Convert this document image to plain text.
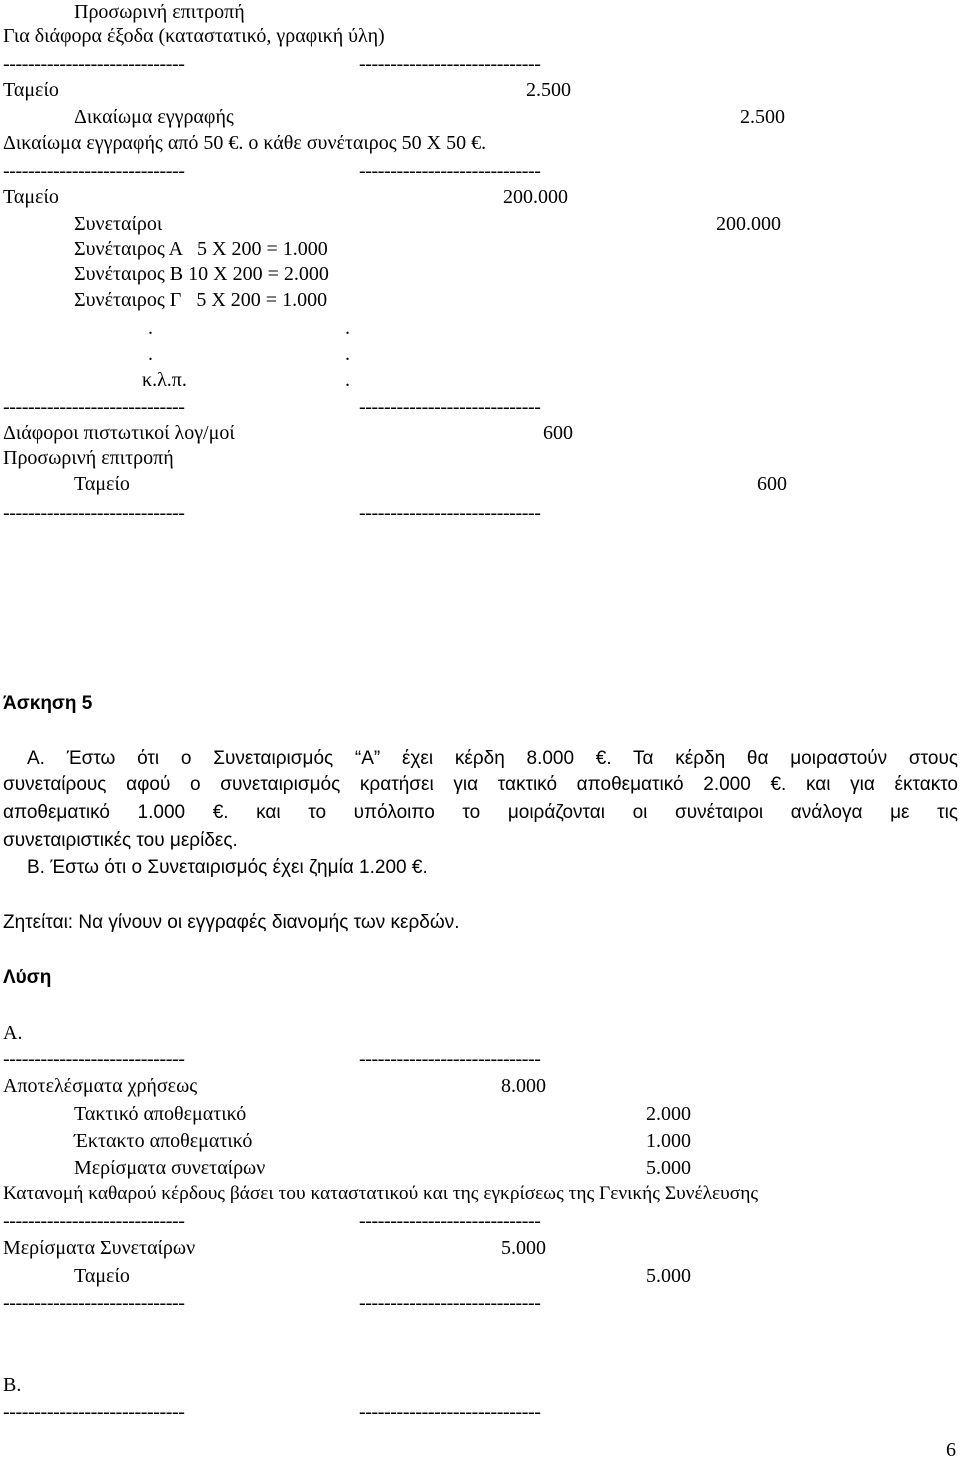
Προσωρινή επιτροπή
Για διάφορα έξοδα (καταστατικό, γραφική ύλη)
-----------------------------	-----------------------------
Ταμείο	2.500
Δικαίωμα εγγραφής	2.500
Δικαίωμα εγγραφής από 50 €. ο κάθε συνέταιρος 50 Χ 50 €.
-----------------------------	-----------------------------
Ταμείο	200.000
Συνεταίροι	200.000
Συνέταιρος Α   5 Χ 200 = 1.000
Συνέταιρος Β 10 Χ 200 = 2.000
Συνέταιρος Γ   5 Χ 200 = 1.000
.	.
.	.
κ.λ.π.	.
-----------------------------	-----------------------------
Διάφοροι πιστωτικοί λογ/μοί	600
Προσωρινή επιτροπή
Ταμείο	600
-----------------------------	-----------------------------
Άσκηση 5
Α. Έστω ότι ο Συνεταιρισμός “Α” έχει κέρδη 8.000 €. Τα κέρδη θα μοιραστούν στους
συνεταίρους αφού ο συνεταιρισμός κρατήσει για τακτικό αποθεματικό 2.000 €. και για έκτακτο
αποθεματικό 1.000 €. και το υπόλοιπο το μοιράζονται οι συνέταιροι ανάλογα με τις
συνεταιριστικές του μερίδες.
Β. Έστω ότι ο Συνεταιρισμός έχει ζημία 1.200 €.
Ζητείται: Να γίνουν οι εγγραφές διανομής των κερδών.
Λύση
Α.
-----------------------------	-----------------------------
Αποτελέσματα χρήσεως	8.000
Τακτικό αποθεματικό	2.000
Έκτακτο αποθεματικό	1.000
Μερίσματα συνεταίρων	5.000
Κατανομή καθαρού κέρδους βάσει του καταστατικού και της εγκρίσεως της Γενικής Συνέλευσης
-----------------------------	-----------------------------
Μερίσματα Συνεταίρων	5.000
Ταμείο	5.000
-----------------------------	-----------------------------
Β.
-----------------------------	-----------------------------
6
